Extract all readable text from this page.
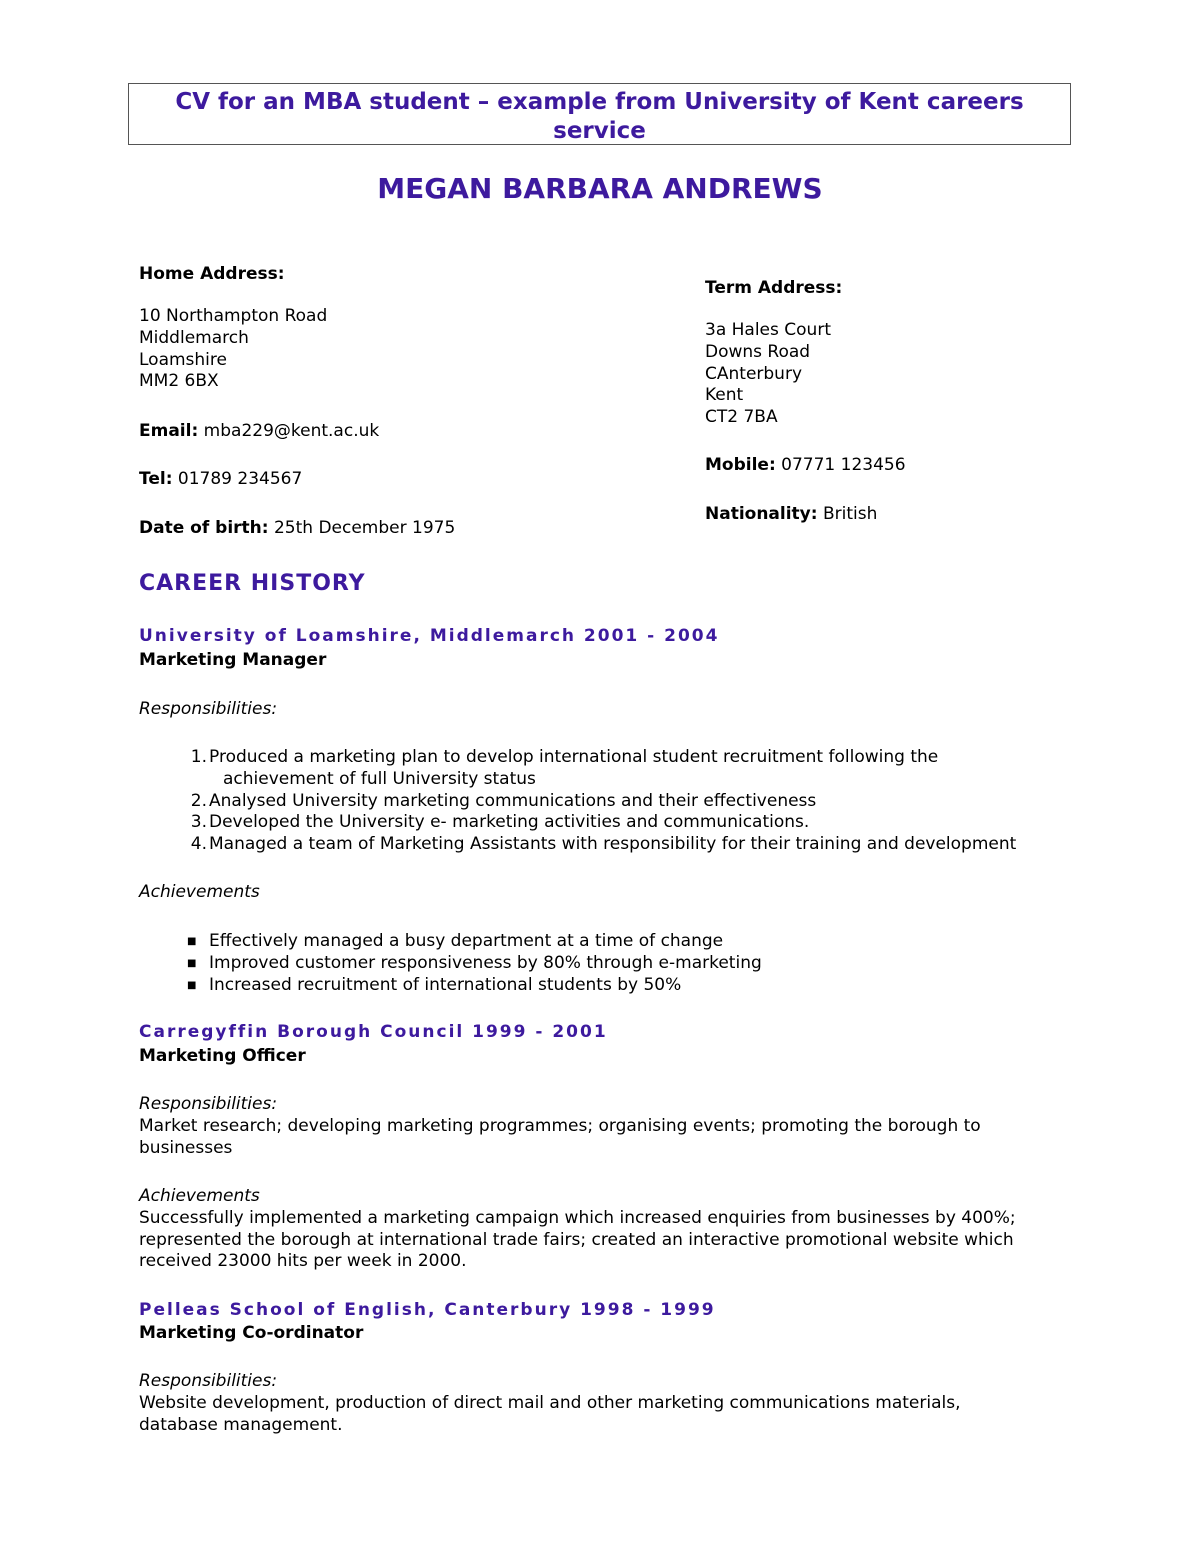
CV for an MBA student – example from University of Kent careers
service
MEGAN BARBARA ANDREWS
Home Address:
10 Northampton Road
Middlemarch
Loamshire
MM2 6BX
Email: mba229@kent.ac.uk
Tel: 01789 234567
Date of birth: 25th December 1975
Term Address:
3a Hales Court
Downs Road
CAnterbury
Kent
CT2 7BA
Mobile: 07771 123456
Nationality: British
CAREER HISTORY
University of Loamshire, Middlemarch 2001 - 2004
Marketing Manager
Responsibilities:
1. Produced a marketing plan to develop international student recruitment following the
achievement of full University status
2. Analysed University marketing communications and their effectiveness
3. Developed the University e- marketing activities and communications.
4. Managed a team of Marketing Assistants with responsibility for their training and development
Achievements
■ Effectively managed a busy department at a time of change
■ Improved customer responsiveness by 80% through e-marketing
■ Increased recruitment of international students by 50%
Carregyffin Borough Council 1999 - 2001
Marketing Officer
Responsibilities:
Market research; developing marketing programmes; organising events; promoting the borough to
businesses
Achievements
Successfully implemented a marketing campaign which increased enquiries from businesses by 400%;
represented the borough at international trade fairs; created an interactive promotional website which
received 23000 hits per week in 2000.
Pelleas School of English, Canterbury 1998 - 1999
Marketing Co-ordinator
Responsibilities:
Website development, production of direct mail and other marketing communications materials,
database management.
